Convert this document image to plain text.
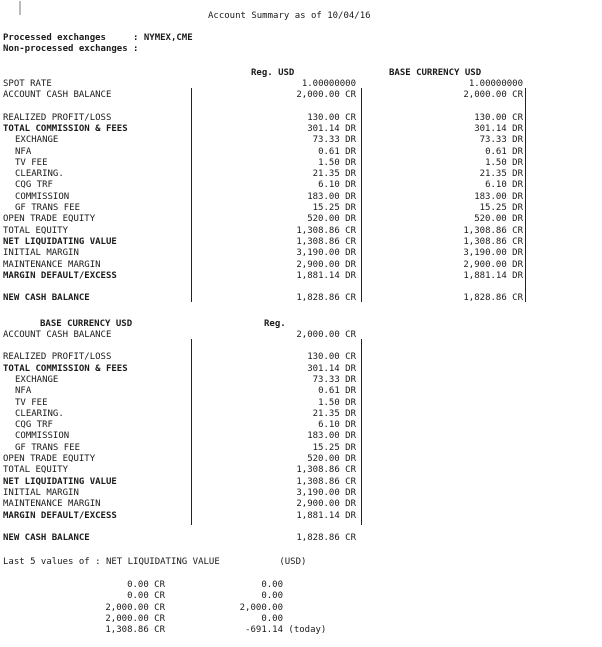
Account Summary as of 10/04/16
Processed exchanges     : NYMEX,CME
Non-processed exchanges :
Reg. USD	BASE CURRENCY USD
SPOT RATE	1.00000000	1.00000000
ACCOUNT CASH BALANCE	2,000.00 CR	2,000.00 CR
REALIZED PROFIT/LOSS	130.00 CR	130.00 CR
TOTAL COMMISSION & FEES	301.14 DR	301.14 DR
EXCHANGE	73.33 DR	73.33 DR
NFA	0.61 DR	0.61 DR
TV FEE	1.50 DR	1.50 DR
CLEARING.	21.35 DR	21.35 DR
CQG TRF	6.10 DR	6.10 DR
COMMISSION	183.00 DR	183.00 DR
GF TRANS FEE	15.25 DR	15.25 DR
OPEN TRADE EQUITY	520.00 DR	520.00 DR
TOTAL EQUITY	1,308.86 CR	1,308.86 CR
NET LIQUIDATING VALUE	1,308.86 CR	1,308.86 CR
INITIAL MARGIN	3,190.00 DR	3,190.00 DR
MAINTENANCE MARGIN	2,900.00 DR	2,900.00 DR
MARGIN DEFAULT/EXCESS	1,881.14 DR	1,881.14 DR
NEW CASH BALANCE	1,828.86 CR	1,828.86 CR
BASE CURRENCY USD	Reg.
ACCOUNT CASH BALANCE	2,000.00 CR
REALIZED PROFIT/LOSS	130.00 CR
TOTAL COMMISSION & FEES	301.14 DR
EXCHANGE	73.33 DR
NFA	0.61 DR
TV FEE	1.50 DR
CLEARING.	21.35 DR
CQG TRF	6.10 DR
COMMISSION	183.00 DR
GF TRANS FEE	15.25 DR
OPEN TRADE EQUITY	520.00 DR
TOTAL EQUITY	1,308.86 CR
NET LIQUIDATING VALUE	1,308.86 CR
INITIAL MARGIN	3,190.00 DR
MAINTENANCE MARGIN	2,900.00 DR
MARGIN DEFAULT/EXCESS	1,881.14 DR
NEW CASH BALANCE	1,828.86 CR
Last 5 values of : NET LIQUIDATING VALUE           (USD)
0.00 CR	0.00
0.00 CR	0.00
2,000.00 CR	2,000.00
2,000.00 CR	0.00
1,308.86 CR	-691.14 (today)
